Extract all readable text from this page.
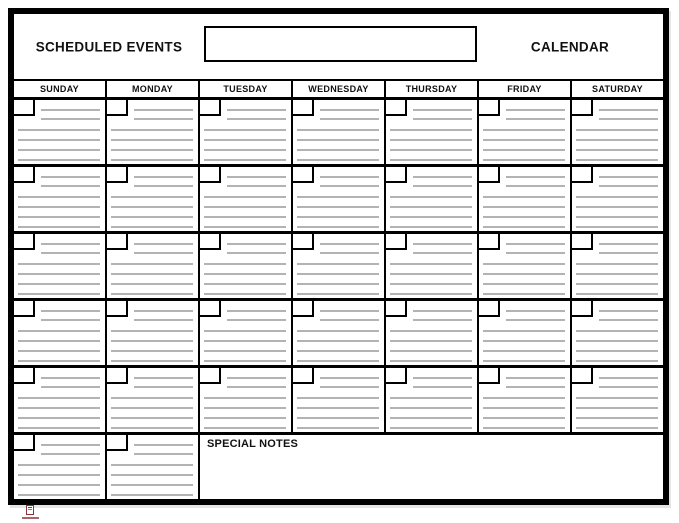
SCHEDULED EVENTS	CALENDAR
SUNDAY	MONDAY	TUESDAY	WEDNESDAY	THURSDAY	FRIDAY	SATURDAY
SPECIAL NOTES
